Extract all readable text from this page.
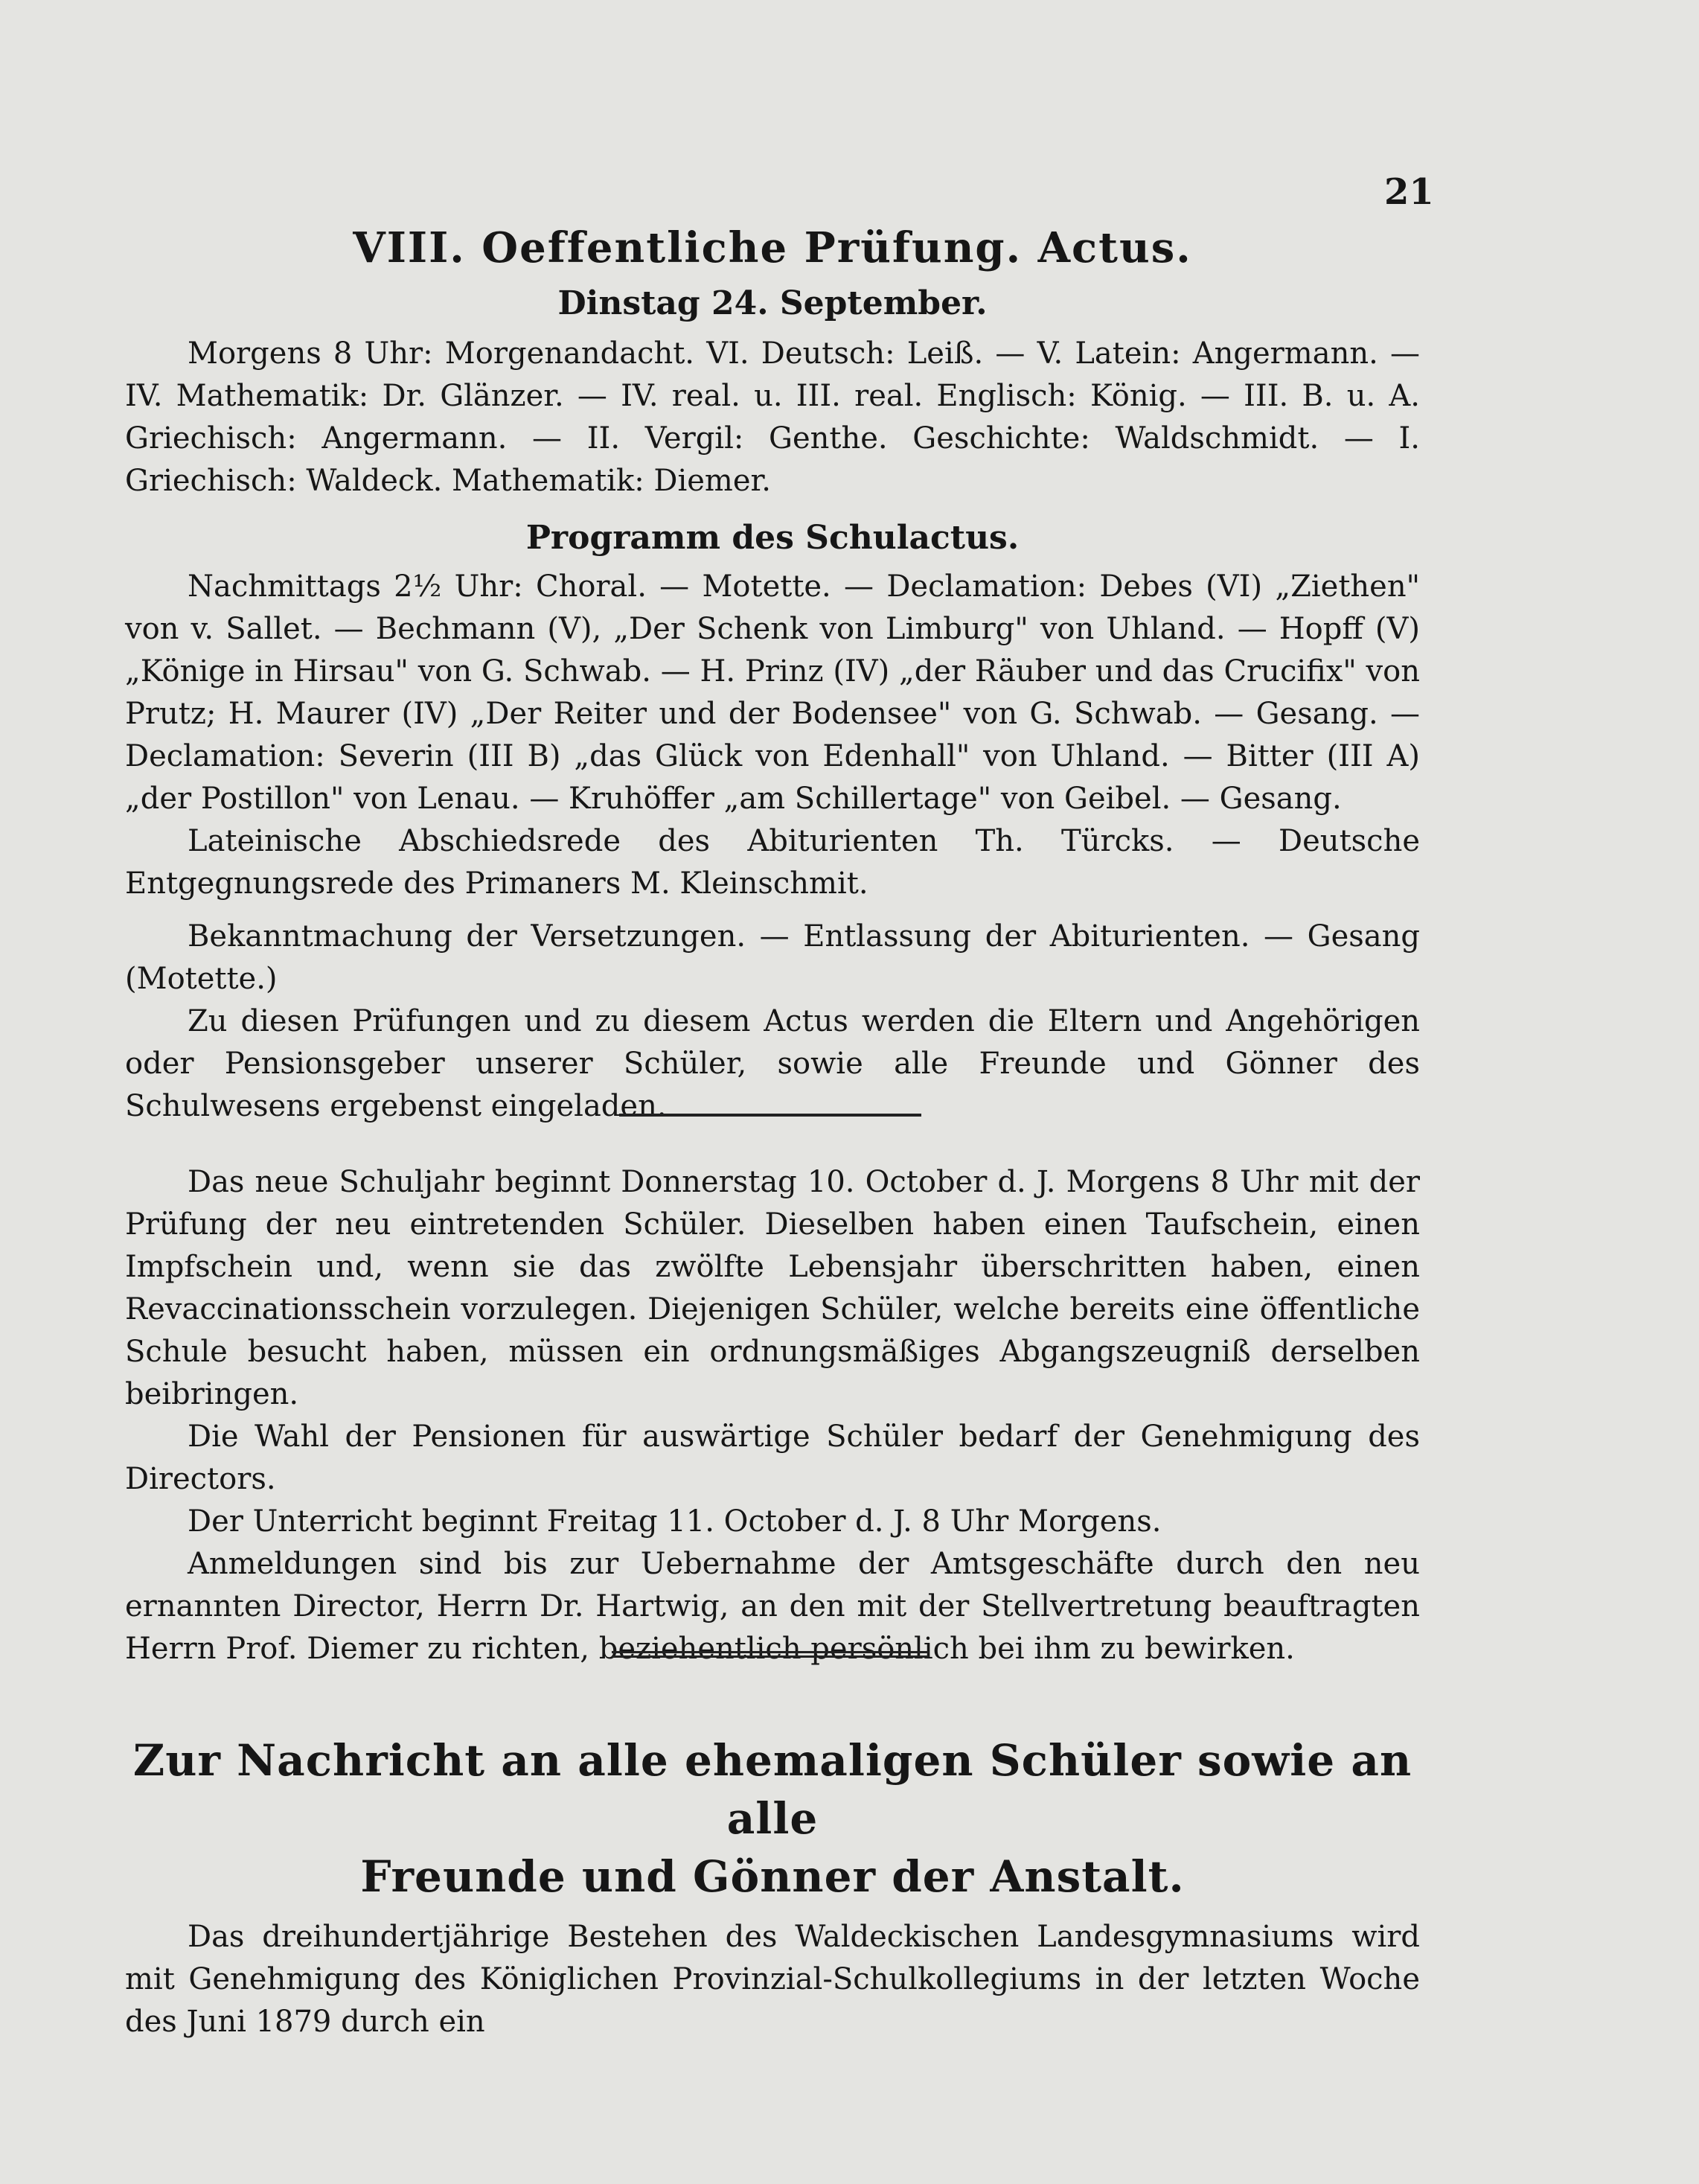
21
VIII. Oeffentliche Prüfung. Actus.
Dinstag 24. September.

Morgens 8 Uhr: Morgenandacht. VI. Deutsch: Leiß. — V. Latein: Angermann. — IV. Mathematik: Dr. Glänzer. — IV. real. u. III. real. Englisch: König. — III. B. u. A. Griechisch: Angermann. — II. Vergil: Genthe. Geschichte: Waldschmidt. — I. Griechisch: Waldeck. Mathematik: Diemer.

Programm des Schulactus.

Nachmittags 2½ Uhr: Choral. — Motette. — Declamation: Debes (VI) „Ziethen" von v. Sallet. — Bechmann (V), „Der Schenk von Limburg" von Uhland. — Hopff (V) „Könige in Hirsau" von G. Schwab. — H. Prinz (IV) „der Räuber und das Crucifix" von Prutz; H. Maurer (IV) „Der Reiter und der Bodensee" von G. Schwab. — Gesang. — Declamation: Severin (III B) „das Glück von Edenhall" von Uhland. — Bitter (III A) „der Postillon" von Lenau. — Kruhöffer „am Schillertage" von Geibel. — Gesang.

Lateinische Abschiedsrede des Abiturienten Th. Türcks. — Deutsche Entgegnungsrede des Primaners M. Kleinschmit.

Bekanntmachung der Versetzungen. — Entlassung der Abiturienten. — Gesang (Motette.)

Zu diesen Prüfungen und zu diesem Actus werden die Eltern und Angehörigen oder Pensionsgeber unserer Schüler, sowie alle Freunde und Gönner des Schulwesens ergebenst eingeladen.

Das neue Schuljahr beginnt Donnerstag 10. October d. J. Morgens 8 Uhr mit der Prüfung der neu eintretenden Schüler. Dieselben haben einen Taufschein, einen Impfschein und, wenn sie das zwölfte Lebensjahr überschritten haben, einen Revaccinationsschein vorzulegen. Diejenigen Schüler, welche bereits eine öffentliche Schule besucht haben, müssen ein ordnungsmäßiges Abgangszeugniß derselben beibringen.

Die Wahl der Pensionen für auswärtige Schüler bedarf der Genehmigung des Directors.

Der Unterricht beginnt Freitag 11. October d. J. 8 Uhr Morgens.

Anmeldungen sind bis zur Uebernahme der Amtsgeschäfte durch den neu ernannten Director, Herrn Dr. Hartwig, an den mit der Stellvertretung beauftragten Herrn Prof. Diemer zu richten, beziehentlich persönlich bei ihm zu bewirken.

Zur Nachricht an alle ehemaligen Schüler sowie an alle
Freunde und Gönner der Anstalt.

Das dreihundertjährige Bestehen des Waldeckischen Landesgymnasiums wird mit Genehmigung des Königlichen Provinzial-Schulkollegiums in der letzten Woche des Juni 1879 durch ein
